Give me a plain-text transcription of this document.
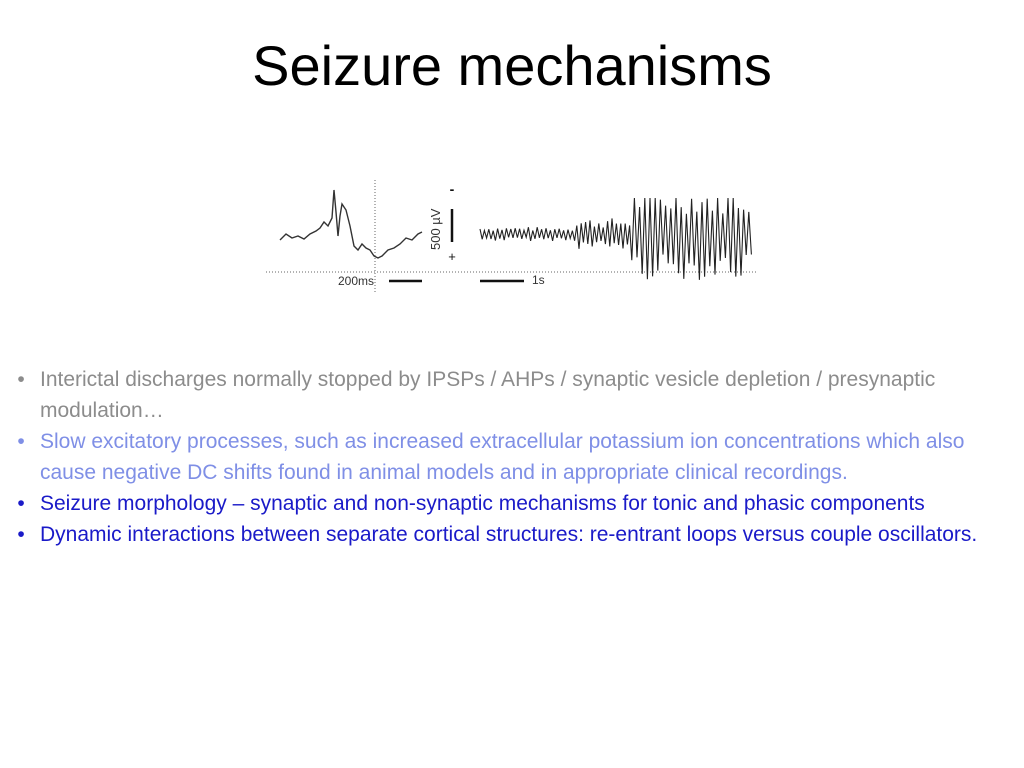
Seizure mechanisms
-
+
500 µV
200ms	1s
• Interictal discharges normally stopped by IPSPs / AHPs / synaptic vesicle depletion / presynaptic modulation…
• Slow excitatory processes, such as increased extracellular potassium ion concentrations which also cause negative DC shifts found in animal models and in appropriate clinical recordings.
• Seizure morphology – synaptic and non-synaptic mechanisms for tonic and phasic components
• Dynamic interactions between separate cortical structures: re-entrant loops versus couple oscillators.
